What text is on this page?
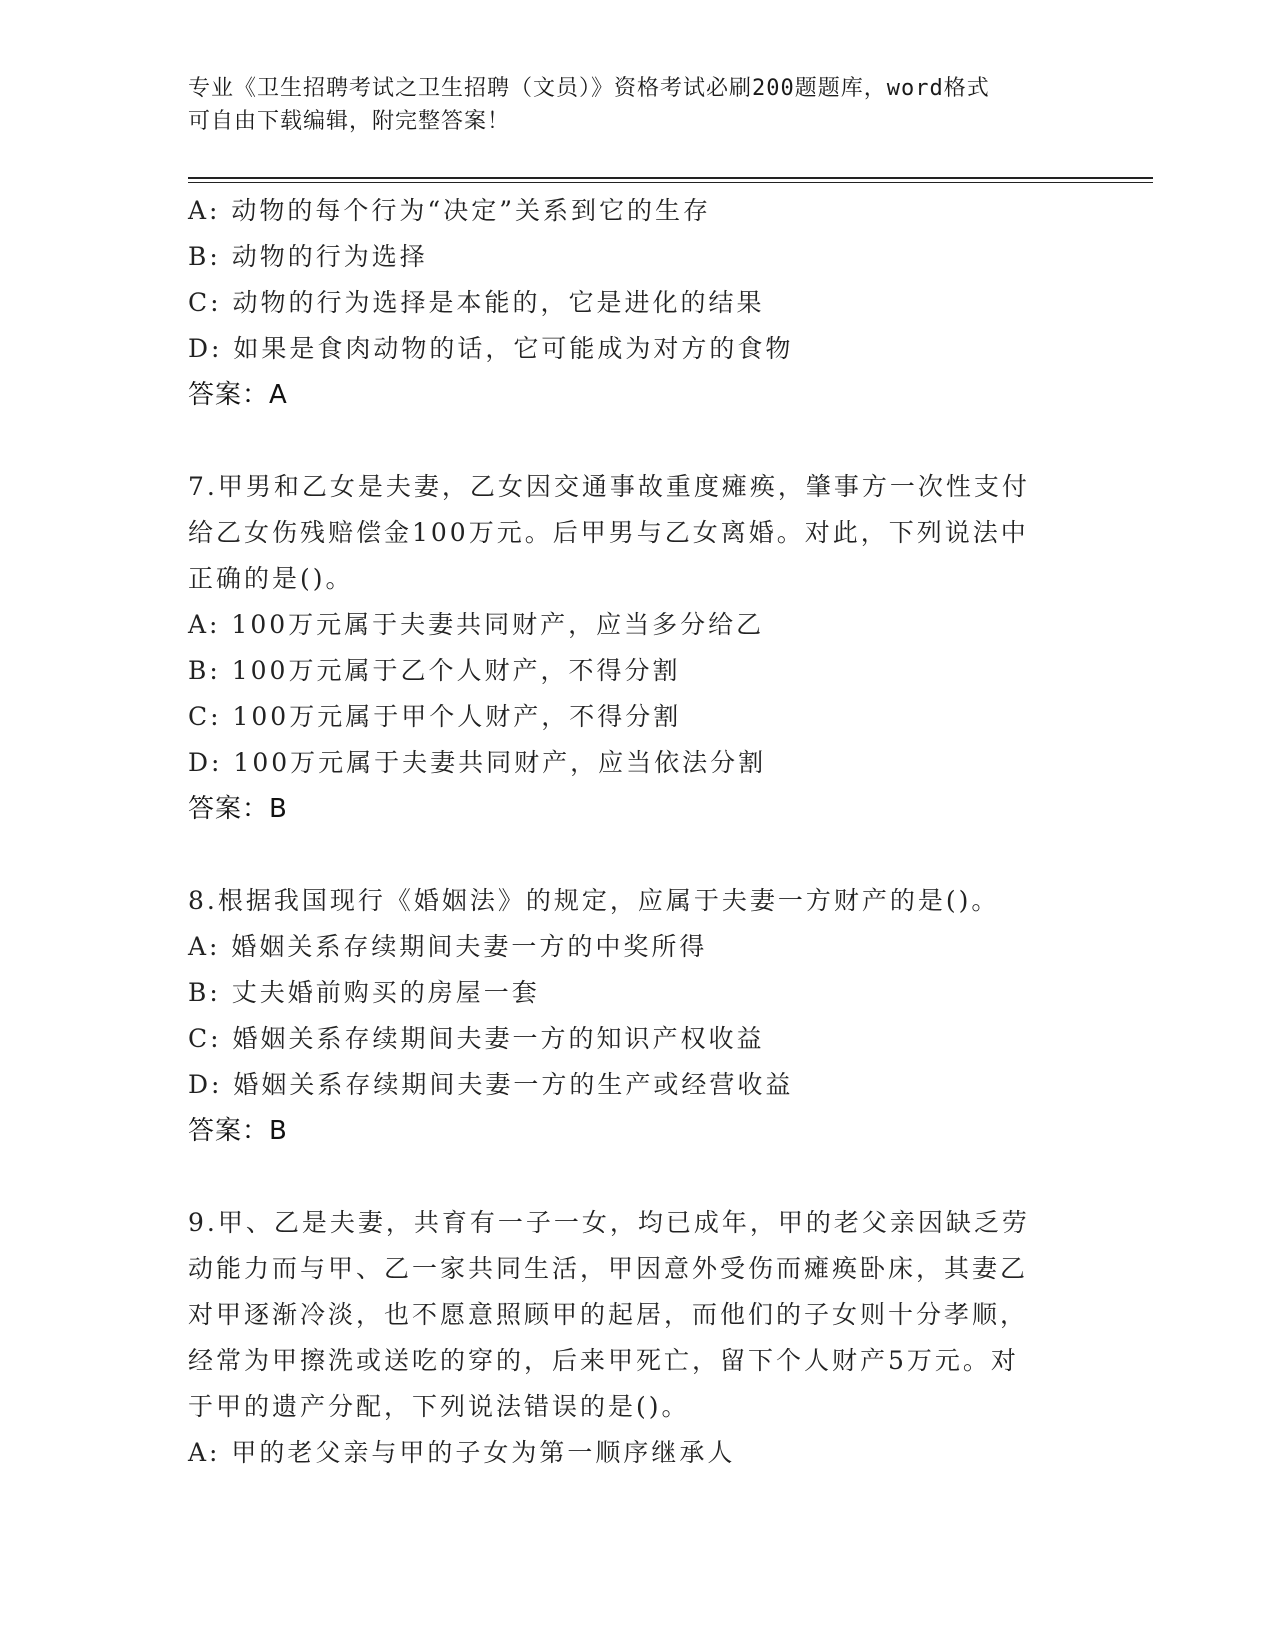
专业《卫生招聘考试之卫生招聘（文员）》资格考试必刷200题题库，word格式
可自由下载编辑，附完整答案！
A: 动物的每个行为“决定”关系到它的生存
B: 动物的行为选择
C: 动物的行为选择是本能的，它是进化的结果
D: 如果是食肉动物的话，它可能成为对方的食物
答案：A
7.甲男和乙女是夫妻，乙女因交通事故重度瘫痪，肇事方一次性支付
给乙女伤残赔偿金100万元。后甲男与乙女离婚。对此，下列说法中
正确的是()。
A: 100万元属于夫妻共同财产，应当多分给乙
B: 100万元属于乙个人财产，不得分割
C: 100万元属于甲个人财产，不得分割
D: 100万元属于夫妻共同财产，应当依法分割
答案：B
8.根据我国现行《婚姻法》的规定，应属于夫妻一方财产的是()。
A: 婚姻关系存续期间夫妻一方的中奖所得
B: 丈夫婚前购买的房屋一套
C: 婚姻关系存续期间夫妻一方的知识产权收益
D: 婚姻关系存续期间夫妻一方的生产或经营收益
答案：B
9.甲、乙是夫妻，共育有一子一女，均已成年，甲的老父亲因缺乏劳
动能力而与甲、乙一家共同生活，甲因意外受伤而瘫痪卧床，其妻乙
对甲逐渐冷淡，也不愿意照顾甲的起居，而他们的子女则十分孝顺，
经常为甲擦洗或送吃的穿的，后来甲死亡，留下个人财产5万元。对
于甲的遗产分配，下列说法错误的是()。
A: 甲的老父亲与甲的子女为第一顺序继承人
